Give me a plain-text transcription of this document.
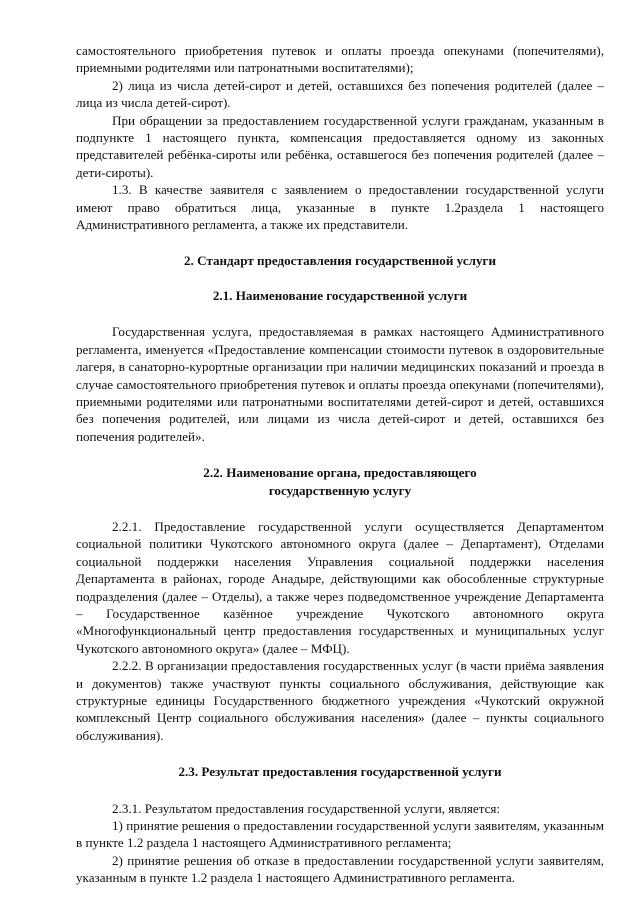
самостоятельного приобретения путевок и оплаты проезда опекунами (попечителями), приемными родителями или патронатными воспитателями);

2) лица из числа детей-сирот и детей, оставшихся без попечения родителей (далее – лица из числа детей-сирот).

При обращении за предоставлением государственной услуги гражданам, указанным в подпункте 1 настоящего пункта, компенсация предоставляется одному из законных представителей ребёнка-сироты или ребёнка, оставшегося без попечения родителей (далее – дети-сироты).

1.3. В качестве заявителя с заявлением о предоставлении государственной услуги имеют право обратиться лица, указанные в пункте 1.2раздела 1 настоящего Административного регламента, а также их представители.

2. Стандарт предоставления государственной услуги
2.1. Наименование государственной услуги

Государственная услуга, предоставляемая в рамках настоящего Административного регламента, именуется «Предоставление компенсации стоимости путевок в оздоровительные лагеря, в санаторно-курортные организации при наличии медицинских показаний и проезда в случае самостоятельного приобретения путевок и оплаты проезда опекунами (попечителями), приемными родителями или патронатными воспитателями детей-сирот и детей, оставшихся без попечения родителей, или лицами из числа детей-сирот и детей, оставшихся без попечения родителей».

2.2. Наименование органа, предоставляющего
государственную услугу

2.2.1. Предоставление государственной услуги осуществляется Департаментом социальной политики Чукотского автономного округа (далее – Департамент), Отделами социальной поддержки населения Управления социальной поддержки населения Департамента в районах, городе Анадыре, действующими как обособленные структурные подразделения (далее – Отделы), а также через подведомственное учреждение Департамента – Государственное казённое учреждение Чукотского автономного округа «Многофункциональный центр предоставления государственных и муниципальных услуг Чукотского автономного округа» (далее – МФЦ).

2.2.2. В организации предоставления государственных услуг (в части приёма заявления и документов) также участвуют пункты социального обслуживания, действующие как структурные единицы Государственного бюджетного учреждения «Чукотский окружной комплексный Центр социального обслуживания населения» (далее – пункты социального обслуживания).

2.3. Результат предоставления государственной услуги

2.3.1. Результатом предоставления государственной услуги, является:

1) принятие решения о предоставлении государственной услуги заявителям, указанным в пункте 1.2 раздела 1 настоящего Административного регламента;

2) принятие решения об отказе в предоставлении государственной услуги заявителям, указанным в пункте 1.2 раздела 1 настоящего Административного регламента.
